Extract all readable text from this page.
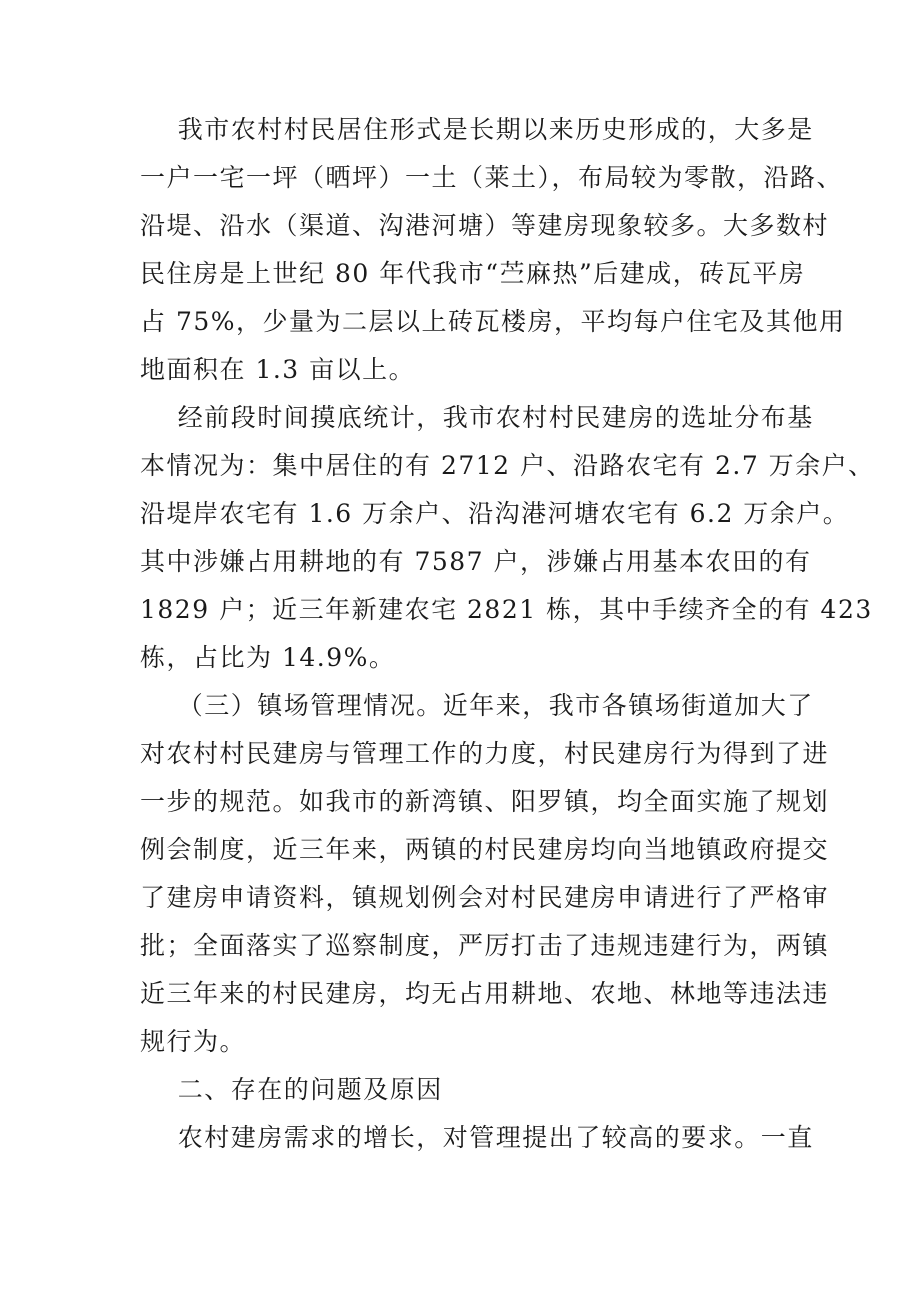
我市农村村民居住形式是长期以来历史形成的，大多是
一户一宅一坪（晒坪）一土（莱土），布局较为零散，沿路、
沿堤、沿水（渠道、沟港河塘）等建房现象较多。大多数村
民住房是上世纪 80 年代我市“苎麻热”后建成，砖瓦平房
占 75%，少量为二层以上砖瓦楼房，平均每户住宅及其他用
地面积在 1.3 亩以上。
经前段时间摸底统计，我市农村村民建房的选址分布基
本情况为：集中居住的有 2712 户、沿路农宅有 2.7 万余户、
沿堤岸农宅有 1.6 万余户、沿沟港河塘农宅有 6.2 万余户。
其中涉嫌占用耕地的有 7587 户，涉嫌占用基本农田的有
1829 户；近三年新建农宅 2821 栋，其中手续齐全的有 423
栋，占比为 14.9%。
（三）镇场管理情况。近年来，我市各镇场街道加大了
对农村村民建房与管理工作的力度，村民建房行为得到了进
一步的规范。如我市的新湾镇、阳罗镇，均全面实施了规划
例会制度，近三年来，两镇的村民建房均向当地镇政府提交
了建房申请资料，镇规划例会对村民建房申请进行了严格审
批；全面落实了巡察制度，严厉打击了违规违建行为，两镇
近三年来的村民建房，均无占用耕地、农地、林地等违法违
规行为。
二、存在的问题及原因
农村建房需求的增长，对管理提出了较高的要求。一直
